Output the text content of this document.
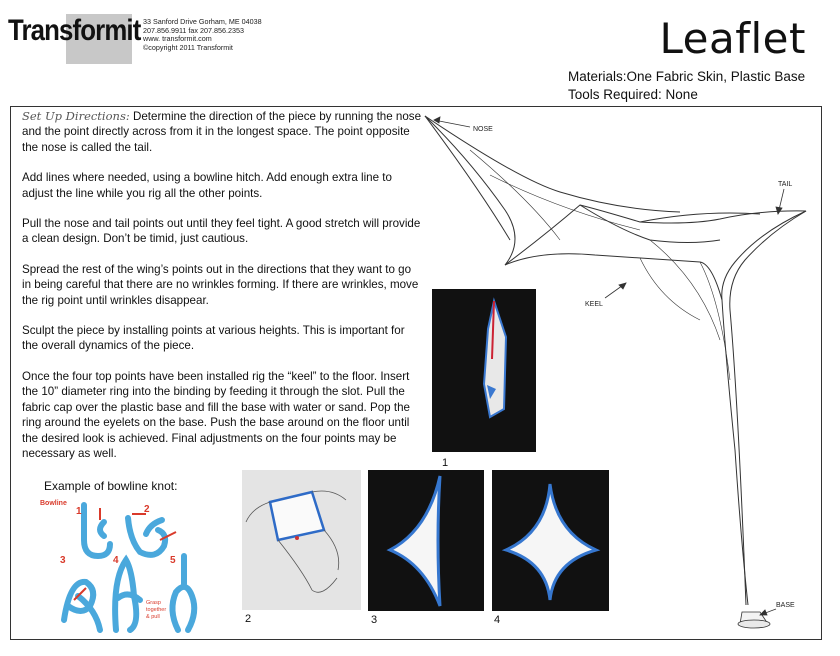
Transformit 33 Sanford Drive Gorham, ME 04038
207.856.9911 fax 207.856.2353
www. transformit.com
©copyright 2011 Transformit	Leaflet
Materials:One Fabric Skin, Plastic Base
Tools Required: None

Set Up Directions: Determine the direction of the piece by running the nose and the point directly across from it in the longest space. The point opposite the nose is called the tail.

Add lines where needed, using a bowline hitch. Add enough extra line to adjust the line while you rig all the other points.

Pull the nose and tail points out until they feel tight. A good stretch will provide a clean design. Don’t be timid, just cautious.

Spread the rest of the wing’s points out in the directions that they want to go in being careful that there are no wrinkles forming. If there are wrinkles, move the rig point until wrinkles disappear.

Sculpt the piece by installing points at various heights. This is important for the overall dynamics of the piece.

Once the four top points have been installed rig the “keel” to the floor. Insert the 10” diameter ring into the binding by feeding it through the slot. Pull the fabric cap over the plastic base and fill the base with water or sand. Pop the ring around the eyelets on the base. Push the base around on the floor until the desired look is achieved. Final adjustments on the four points may be necessary as well.

Example of bowline knot:
1
2	3	4
NOSE
TAIL
KEEL
BASE
Bowline
1	2
3	4	5
Grasp
together
& pull
